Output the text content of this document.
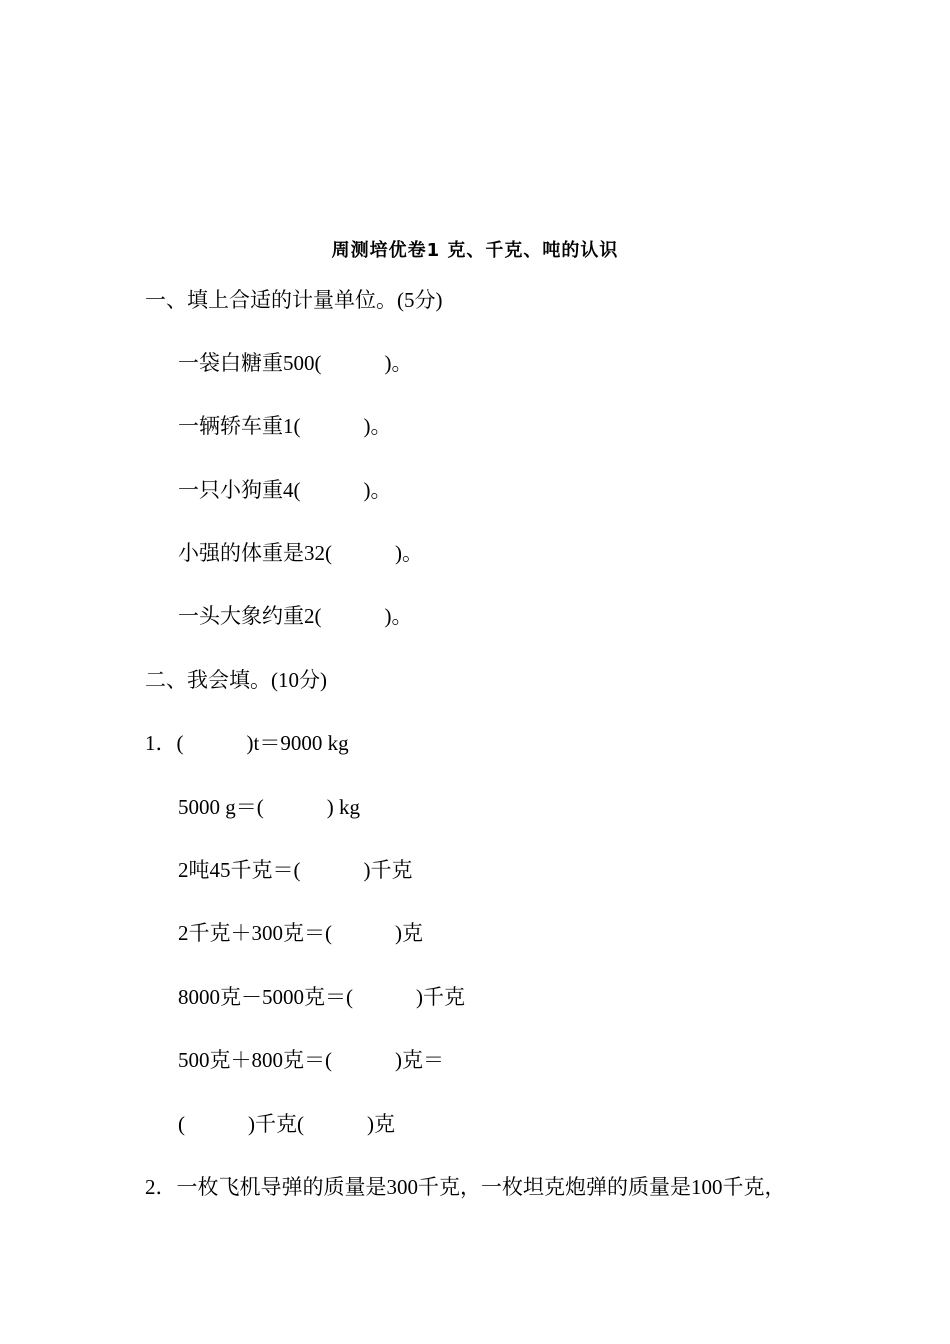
周测培优卷1 克、千克、吨的认识
一、填上合适的计量单位。(5分)
一袋白糖重500(　　　)。
一辆轿车重1(　　　)。
一只小狗重4(　　　)。
小强的体重是32(　　　)。
一头大象约重2(　　　)。
二、我会填。(10分)
1．(　　　)t＝9000 kg
5000 g＝(　　　) kg
2吨45千克＝(　　　)千克
2千克＋300克＝(　　　)克
8000克－5000克＝(　　　)千克
500克＋800克＝(　　　)克＝
(　　　)千克(　　　)克
2．一枚飞机导弹的质量是300千克，一枚坦克炮弹的质量是100千克，
